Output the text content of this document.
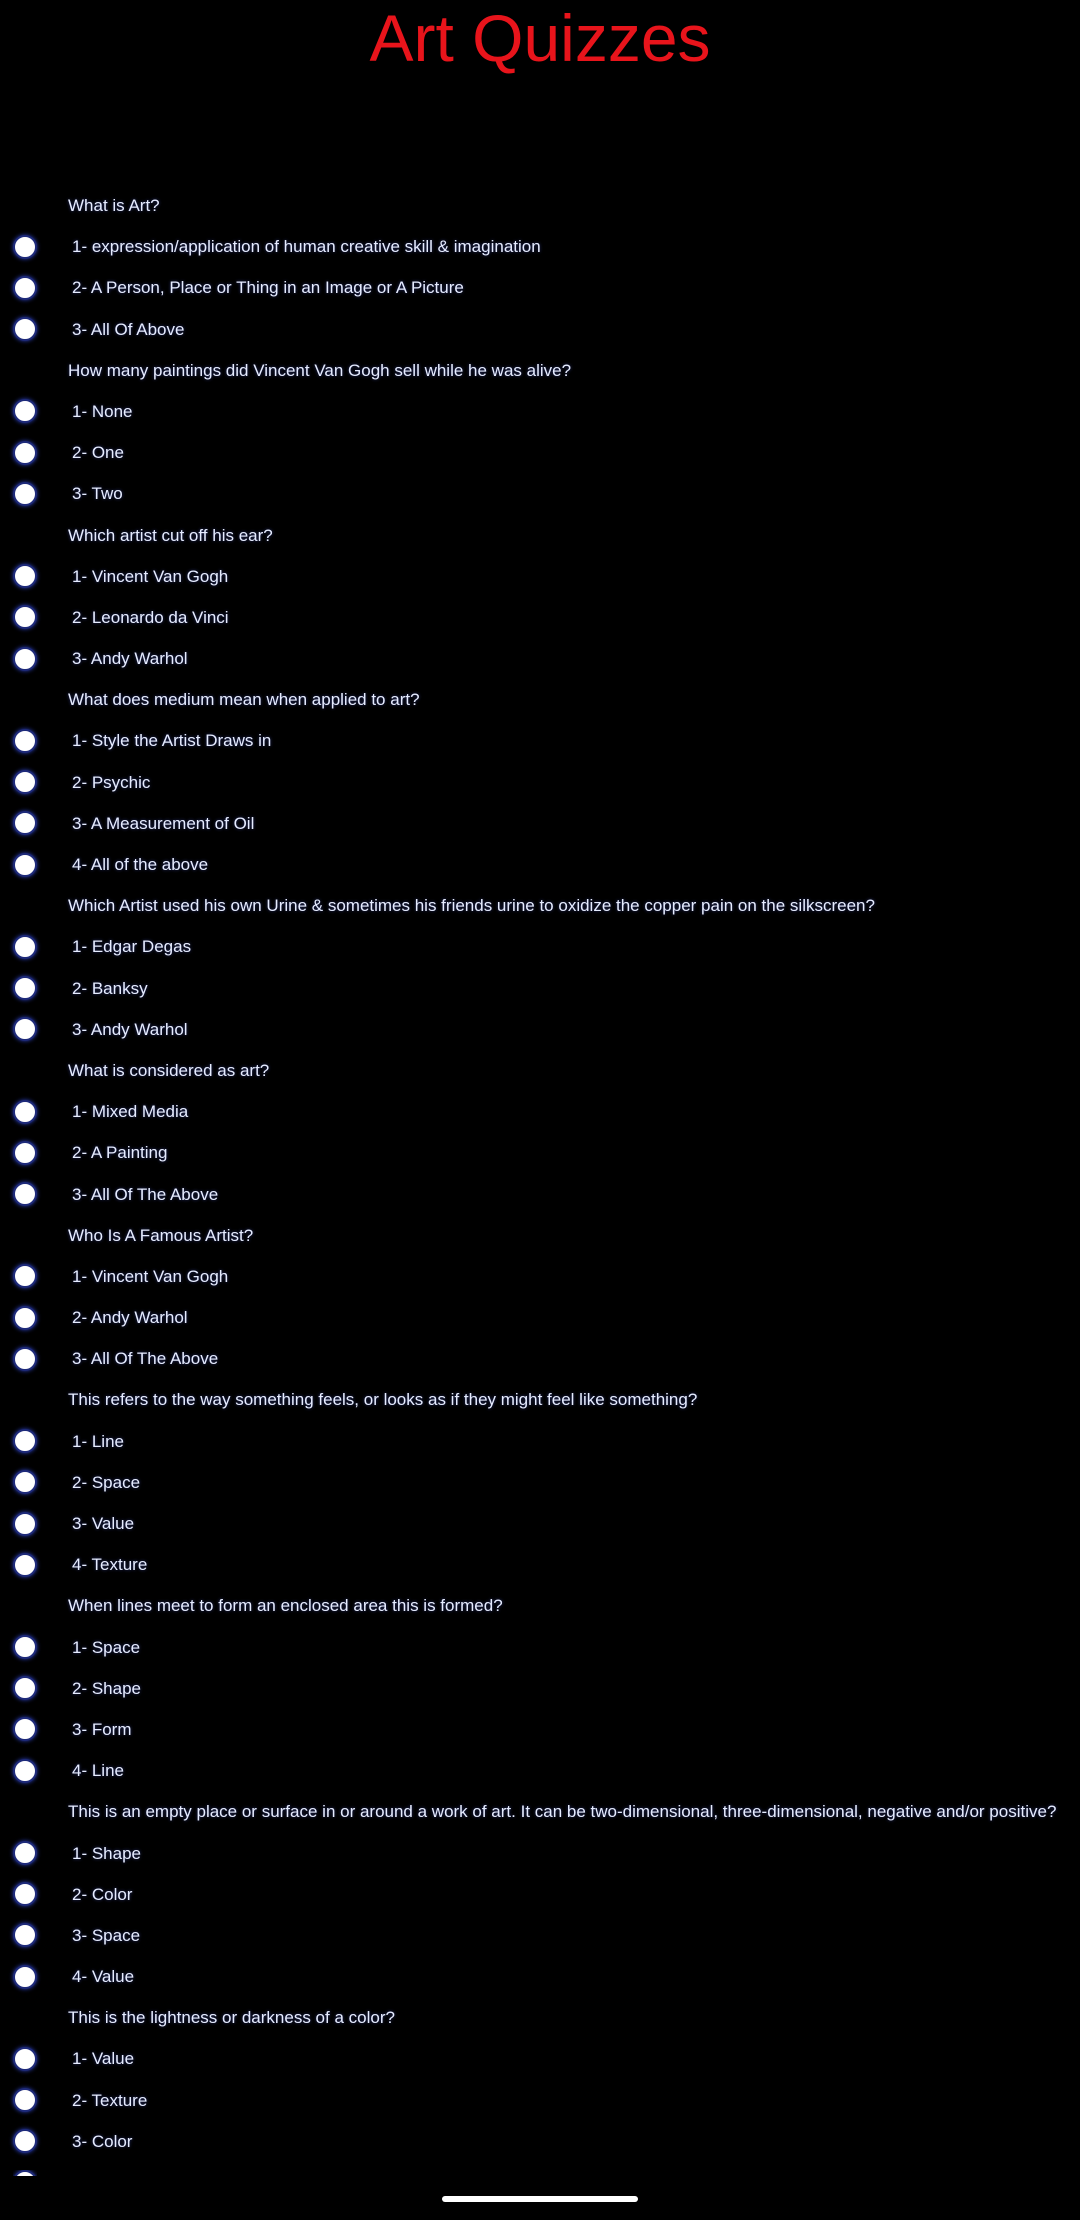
Art Quizzes
What is Art?
1- expression/application of human creative skill & imagination
2- A Person, Place or Thing in an Image or A Picture
3- All Of Above
How many paintings did Vincent Van Gogh sell while he was alive?
1- None
2- One
3- Two
Which artist cut off his ear?
1- Vincent Van Gogh
2- Leonardo da Vinci
3- Andy Warhol
What does medium mean when applied to art?
1- Style the Artist Draws in
2- Psychic
3- A Measurement of Oil
4- All of the above
Which Artist used his own Urine & sometimes his friends urine to oxidize the copper pain on the silkscreen?
1- Edgar Degas
2- Banksy
3- Andy Warhol
What is considered as art?
1- Mixed Media
2- A Painting
3- All Of The Above
Who Is A Famous Artist?
1- Vincent Van Gogh
2- Andy Warhol
3- All Of The Above
This refers to the way something feels, or looks as if they might feel like something?
1- Line
2- Space
3- Value
4- Texture
When lines meet to form an enclosed area this is formed?
1- Space
2- Shape
3- Form
4- Line
This is an empty place or surface in or around a work of art. It can be two-dimensional, three-dimensional, negative and/or positive?
1- Shape
2- Color
3- Space
4- Value
This is the lightness or darkness of a color?
1- Value
2- Texture
3- Color
